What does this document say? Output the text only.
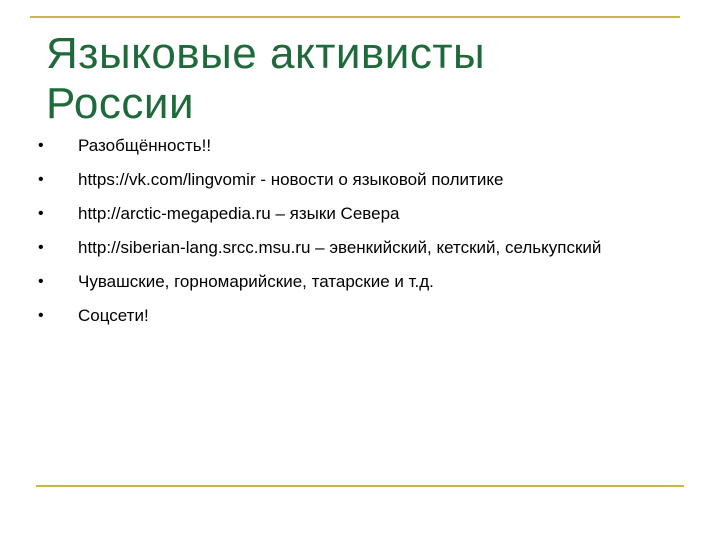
Языковые активисты
России
•	Разобщённость!!
•	https://vk.com/lingvomir - новости о языковой политике
•	http://arctic-megapedia.ru – языки Севера
•	http://siberian-lang.srcc.msu.ru – эвенкийский, кетский, селькупский
•	Чувашские, горномарийские, татарские и т.д.
•	Соцсети!
